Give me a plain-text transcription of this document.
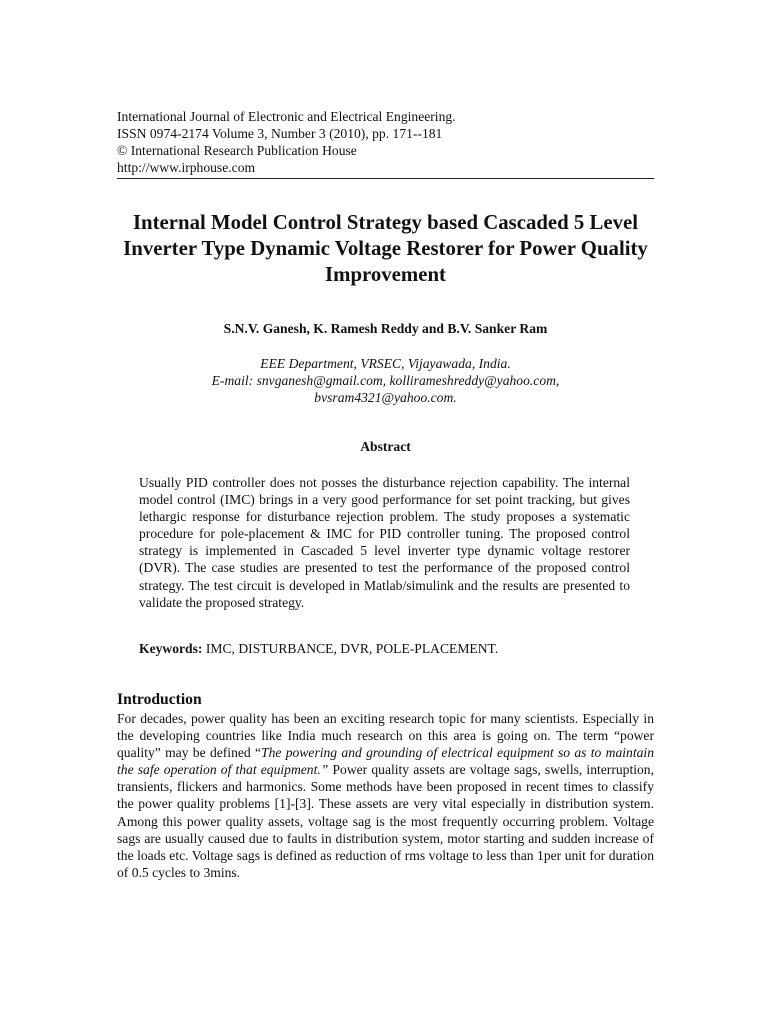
International Journal of Electronic and Electrical Engineering.
ISSN 0974-2174 Volume 3, Number 3 (2010), pp. 171--181
© International Research Publication House
http://www.irphouse.com
Internal Model Control Strategy based Cascaded 5 Level Inverter Type Dynamic Voltage Restorer for Power Quality Improvement
S.N.V. Ganesh, K. Ramesh Reddy and B.V. Sanker Ram
EEE Department, VRSEC, Vijayawada, India.
E-mail: snvganesh@gmail.com, kollirameshreddy@yahoo.com,
bvsram4321@yahoo.com.
Abstract
Usually PID controller does not posses the disturbance rejection capability. The internal model control (IMC) brings in a very good performance for set point tracking, but gives lethargic response for disturbance rejection problem. The study proposes a systematic procedure for pole-placement & IMC for PID controller tuning. The proposed control strategy is implemented in Cascaded 5 level inverter type dynamic voltage restorer (DVR). The case studies are presented to test the performance of the proposed control strategy. The test circuit is developed in Matlab/simulink and the results are presented to validate the proposed strategy.
Keywords: IMC, DISTURBANCE, DVR, POLE-PLACEMENT.
Introduction
For decades, power quality has been an exciting research topic for many scientists. Especially in the developing countries like India much research on this area is going on. The term “power quality” may be defined “The powering and grounding of electrical equipment so as to maintain the safe operation of that equipment.” Power quality assets are voltage sags, swells, interruption, transients, flickers and harmonics. Some methods have been proposed in recent times to classify the power quality problems [1]-[3]. These assets are very vital especially in distribution system. Among this power quality assets, voltage sag is the most frequently occurring problem. Voltage sags are usually caused due to faults in distribution system, motor starting and sudden increase of the loads etc. Voltage sags is defined as reduction of rms voltage to less than 1per unit for duration of 0.5 cycles to 3mins.
